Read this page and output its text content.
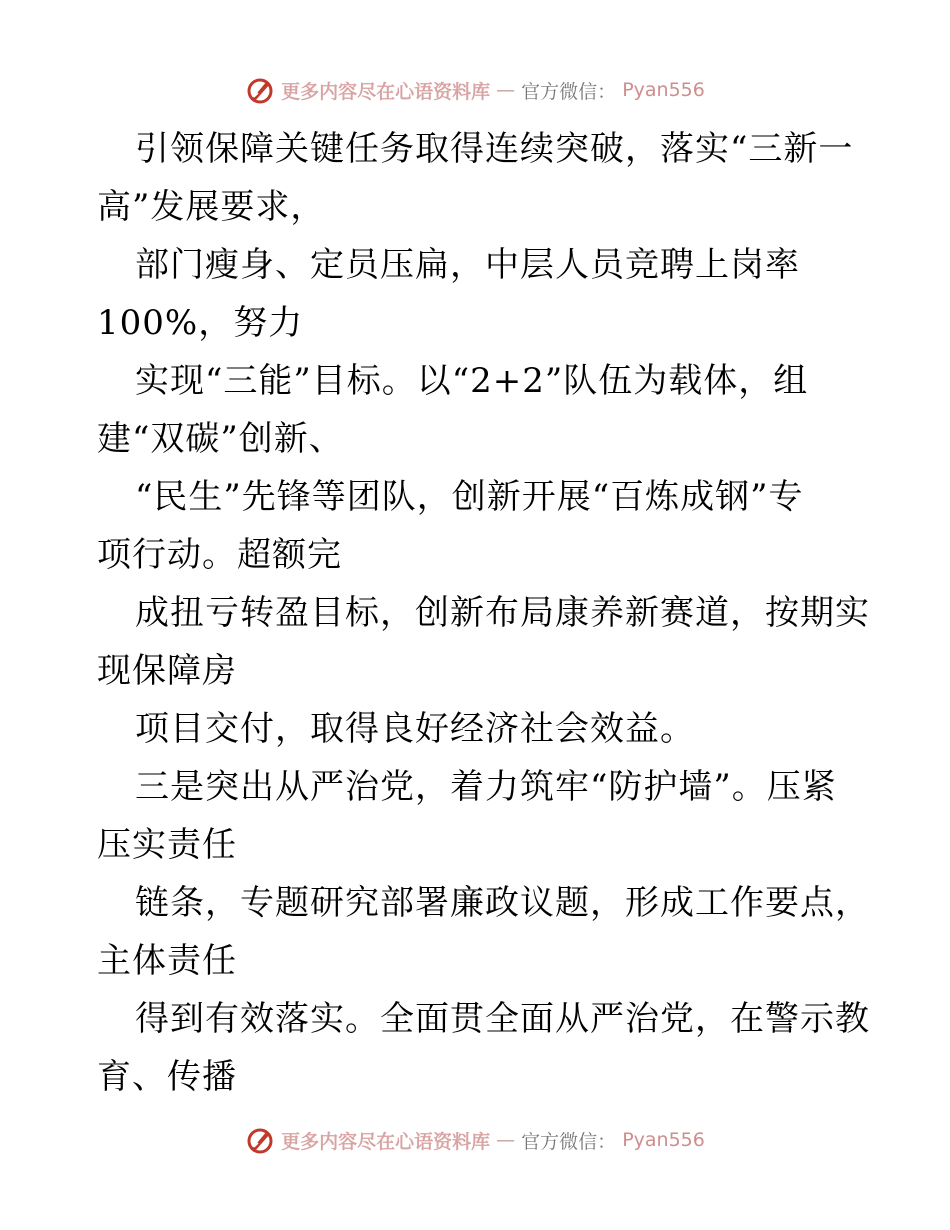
更多内容尽在心语资料库 — 官方微信： Pyan556
引领保障关键任务取得连续突破，落实“三新一
高”发展要求，
部门瘦身、定员压扁，中层人员竞聘上岗率
100%，努力
实现“三能”目标。以“2+2”队伍为载体，组
建“双碳”创新、
“民生”先锋等团队，创新开展“百炼成钢”专
项行动。超额完
成扭亏转盈目标，创新布局康养新赛道，按期实
现保障房
项目交付，取得良好经济社会效益。
三是突出从严治党，着力筑牢“防护墙”。压紧
压实责任
链条，专题研究部署廉政议题，形成工作要点，
主体责任
得到有效落实。全面贯全面从严治党，在警示教
育、传播
更多内容尽在心语资料库 — 官方微信： Pyan556
